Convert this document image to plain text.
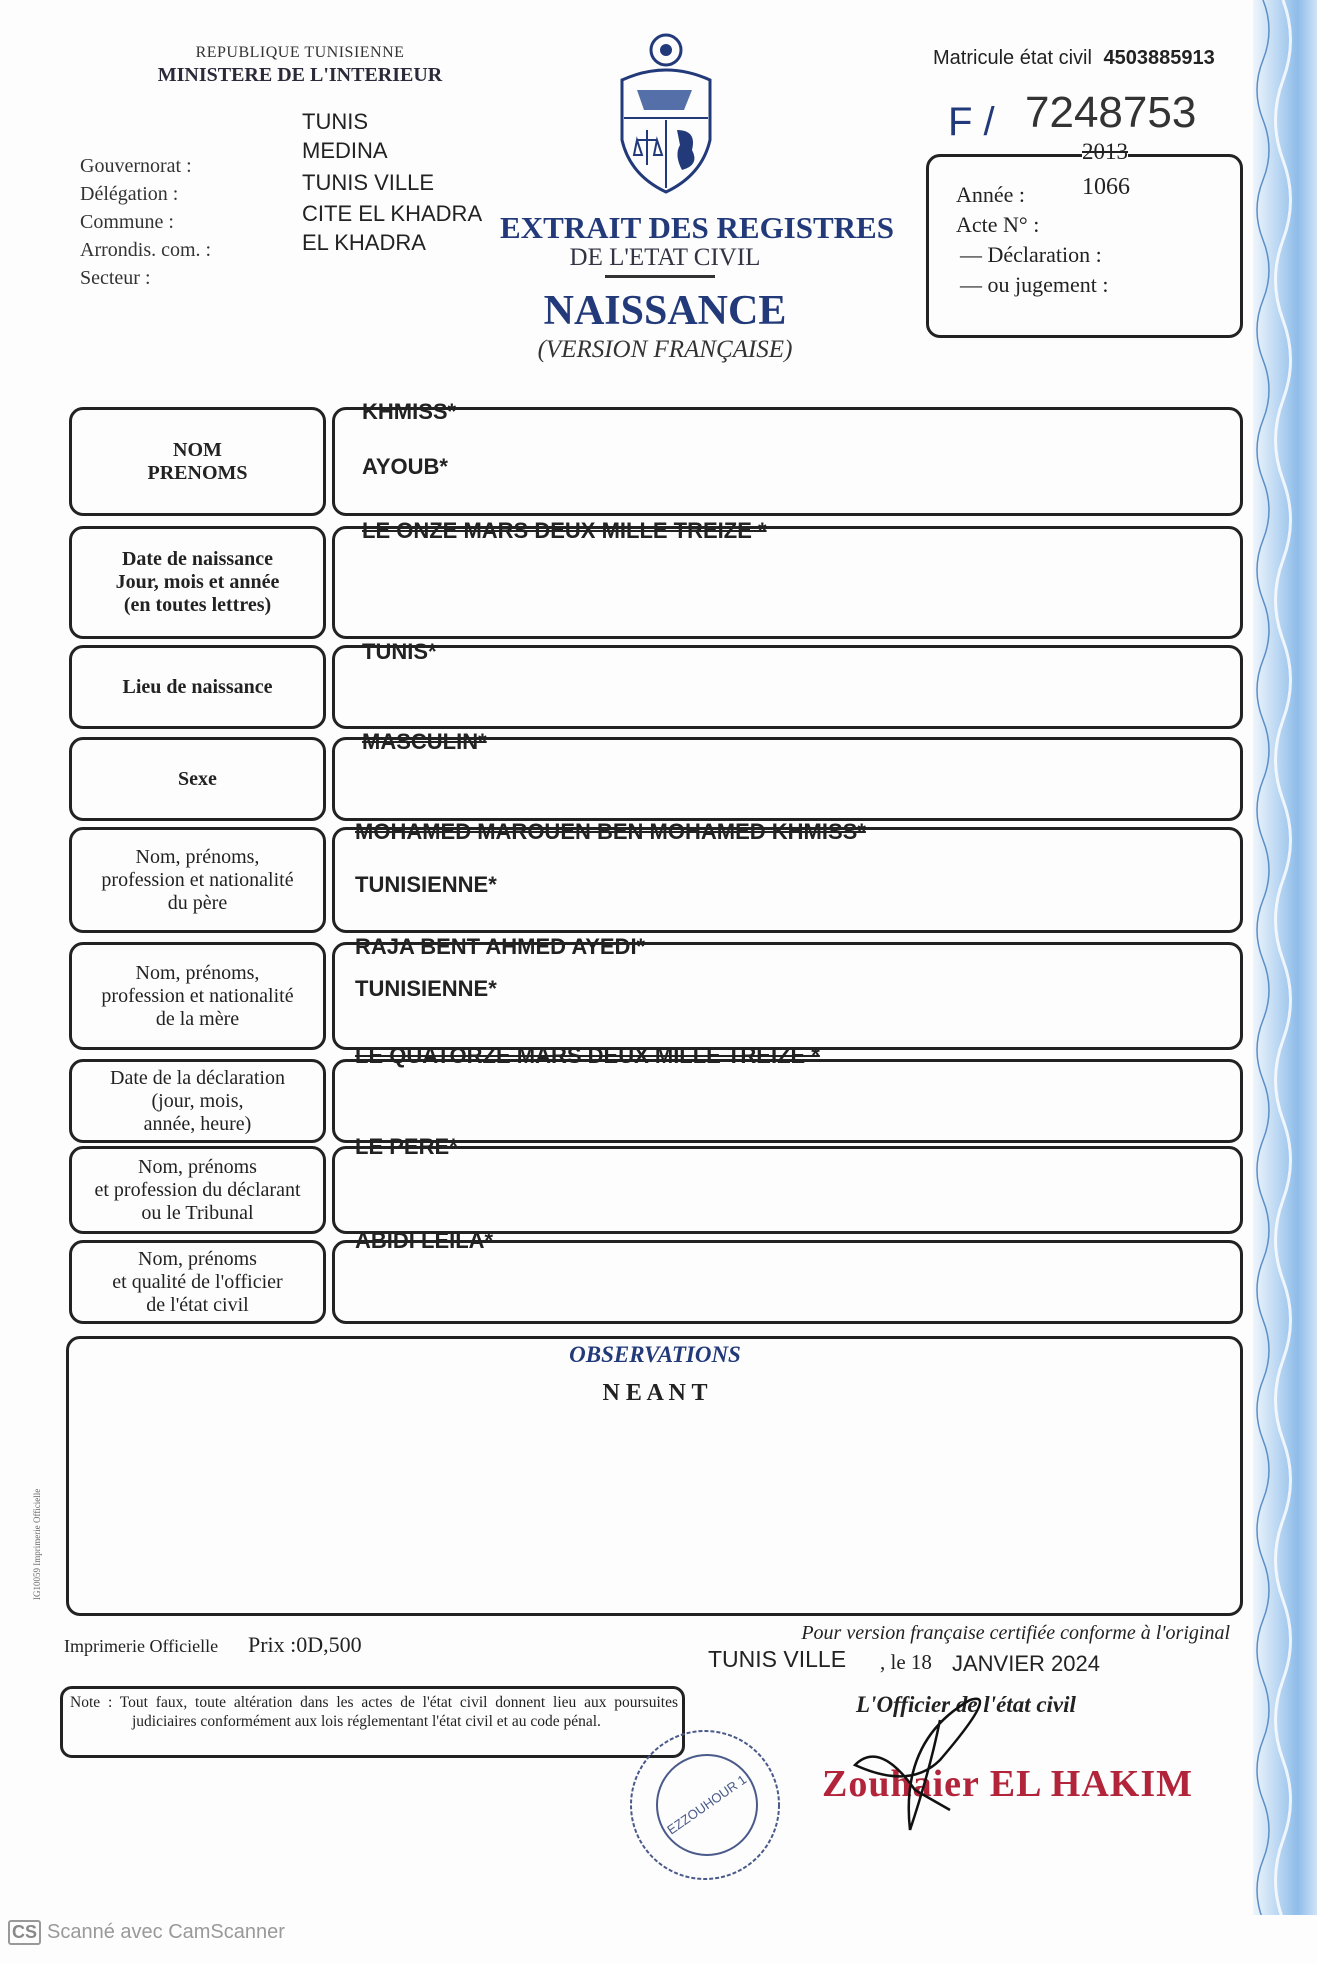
REPUBLIQUE TUNISIENNE
MINISTERE DE L'INTERIEUR
Gouvernorat :
Délégation :
Commune :
Arrondis. com. :
Secteur :
TUNIS
MEDINA
TUNIS VILLE
CITE EL KHADRA
EL KHADRA	EXTRAIT DES REGISTRES
DE L'ETAT CIVIL
NAISSANCE
(VERSION FRANÇAISE)
Matricule état civil 4503885913
F / 7248753
2013
Année :
Acte N° :
— Déclaration :
— ou jugement :
1066
NOM
PRENOMS
KHMISS*
AYOUB*
Date de naissance
Jour, mois et année
(en toutes lettres)
LE ONZE MARS DEUX MILLE TREIZE *
Lieu de naissance
TUNIS*
Sexe
MASCULIN*
Nom, prénoms,
profession et nationalité
du père
MOHAMED MAROUEN BEN MOHAMED KHMISS*
TUNISIENNE*
Nom, prénoms,
profession et nationalité
de la mère
RAJA BENT AHMED AYEDI*
TUNISIENNE*
Date de la déclaration
(jour, mois,
année, heure)
LE QUATORZE MARS DEUX MILLE TREIZE *
Nom, prénoms
et profession du déclarant
ou le Tribunal
LE PERE*
Nom, prénoms
et qualité de l'officier
de l'état civil
ABIDI LEILA*
OBSERVATIONS
N E A N T
IG10059 Imprimerie Officielle
Imprimerie Officielle Prix :0D,500	Pour version française certifiée conforme à l'original
TUNIS VILLE , le 18 JANVIER 2024
L'Officier de l'état civil
Note : Tout faux, toute altération dans les actes de l'état civil donnent lieu aux poursuites judiciaires conformément aux lois réglementant l'état civil et au code pénal.
EZZOUHOUR 1 Zouhaier EL HAKIM
CS Scanné avec CamScanner
